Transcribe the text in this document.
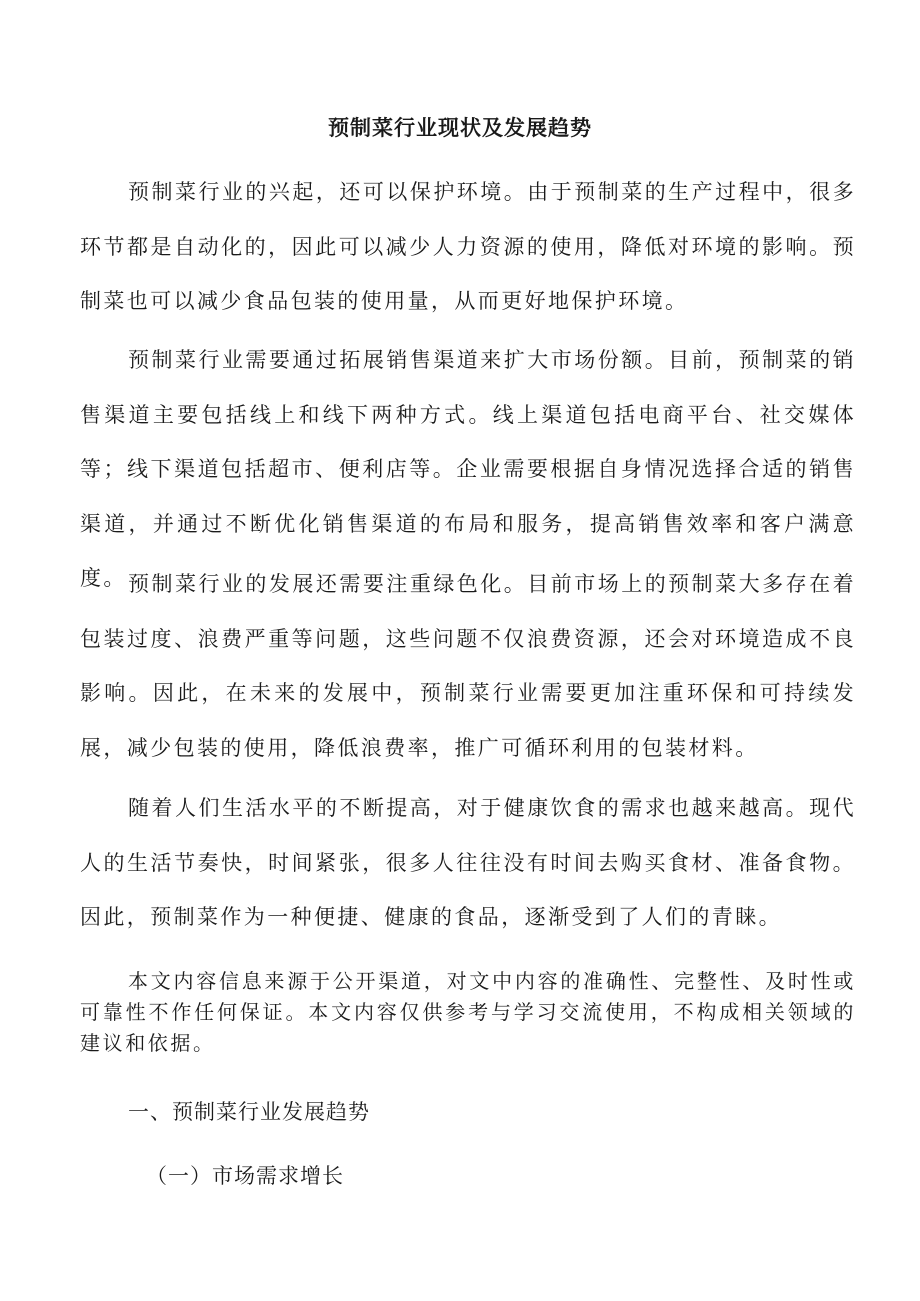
预制菜行业现状及发展趋势

预制菜行业的兴起，还可以保护环境。由于预制菜的生产过程中，很多环节都是自动化的，因此可以减少人力资源的使用，降低对环境的影响。预制菜也可以减少食品包装的使用量，从而更好地保护环境。

预制菜行业需要通过拓展销售渠道来扩大市场份额。目前，预制菜的销售渠道主要包括线上和线下两种方式。线上渠道包括电商平台、社交媒体等；线下渠道包括超市、便利店等。企业需要根据自身情况选择合适的销售渠道，并通过不断优化销售渠道的布局和服务，提高销售效率和客户满意度。 预制菜行业的发展还需要注重绿色化。目前市场上的预制菜大多存在着包装过度、浪费严重等问题，这些问题不仅浪费资源，还会对环境造成不良影响。因此，在未来的发展中，预制菜行业需要更加注重环保和可持续发展，减少包装的使用，降低浪费率，推广可循环利用的包装材料。

随着人们生活水平的不断提高，对于健康饮食的需求也越来越高。现代人的生活节奏快，时间紧张，很多人往往没有时间去购买食材、准备食物。因此，预制菜作为一种便捷、健康的食品，逐渐受到了人们的青睐。

本文内容信息来源于公开渠道，对文中内容的准确性、完整性、及时性或可靠性不作任何保证。本文内容仅供参考与学习交流使用，不构成相关领域的建议和依据。

一、预制菜行业发展趋势
（一）市场需求增长
